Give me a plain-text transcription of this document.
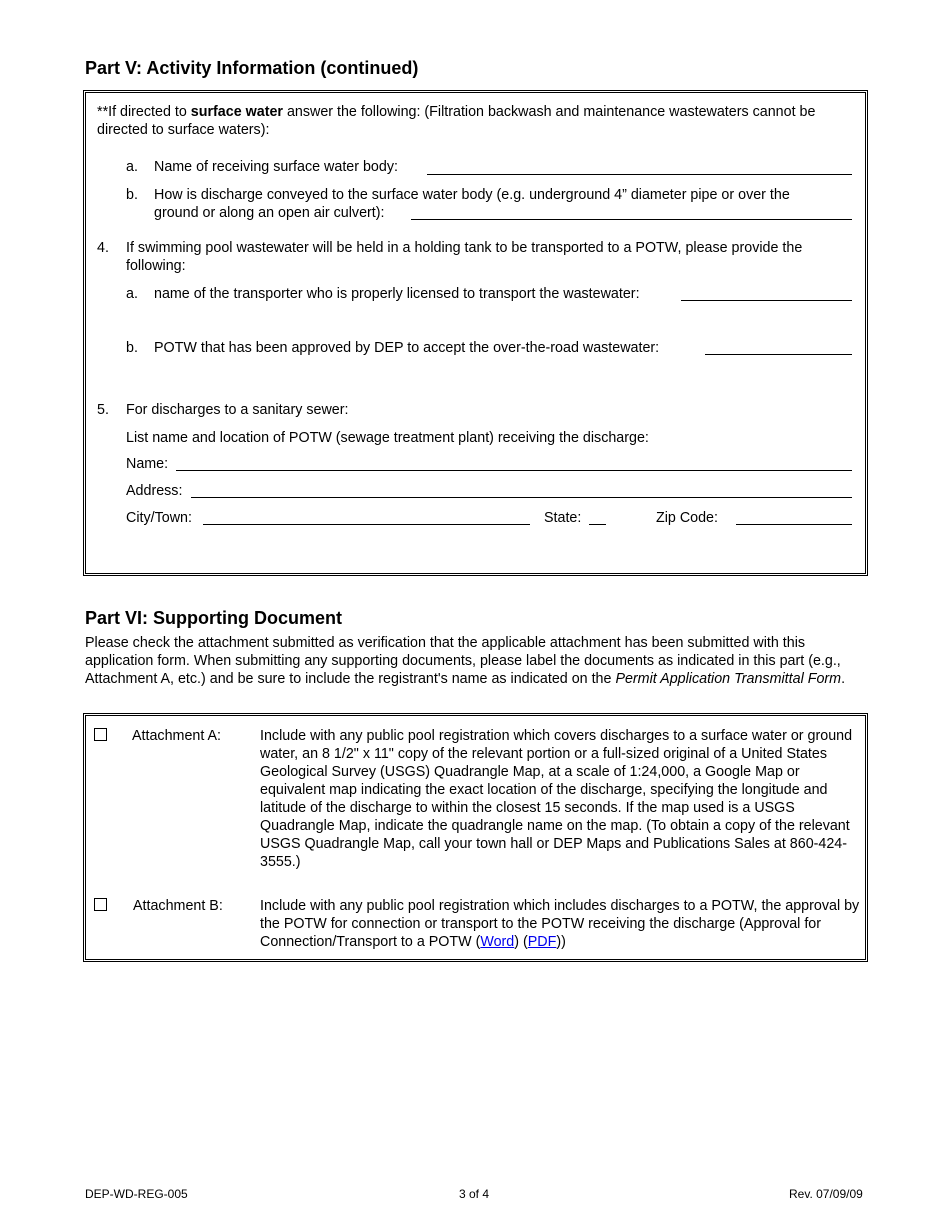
Part V: Activity Information (continued)
**If directed to surface water answer the following: (Filtration backwash and maintenance wastewaters cannot be directed to surface waters):
a. Name of receiving surface water body:
b. How is discharge conveyed to the surface water body (e.g. underground 4” diameter pipe or over the
ground or along an open air culvert):
4. If swimming pool wastewater will be held in a holding tank to be transported to a POTW, please provide the following:
a. name of the transporter who is properly licensed to transport the wastewater:
b. POTW that has been approved by DEP to accept the over-the-road wastewater:
5. For discharges to a sanitary sewer:
List name and location of POTW (sewage treatment plant) receiving the discharge:
Name:
Address:
City/Town:	State:	Zip Code:
Part VI: Supporting Document
Please check the attachment submitted as verification that the applicable attachment has been submitted with this application form. When submitting any supporting documents, please label the documents as indicated in this part (e.g., Attachment A, etc.) and be sure to include the registrant's name as indicated on the Permit Application Transmittal Form.
Attachment A:	Include with any public pool registration which covers discharges to a surface water or ground water, an 8 1/2" x 11" copy of the relevant portion or a full-sized original of a United States Geological Survey (USGS) Quadrangle Map, at a scale of 1:24,000, a Google Map or equivalent map indicating the exact location of the discharge, specifying the longitude and latitude of the discharge to within the closest 15 seconds. If the map used is a USGS Quadrangle Map, indicate the quadrangle name on the map. (To obtain a copy of the relevant USGS Quadrangle Map, call your town hall or DEP Maps and Publications Sales at 860-424-3555.)
Attachment B:	Include with any public pool registration which includes discharges to a POTW, the approval by the POTW for connection or transport to the POTW receiving the discharge (Approval for Connection/Transport to a POTW (Word) (PDF))
DEP-WD-REG-005	3 of 4	Rev. 07/09/09
